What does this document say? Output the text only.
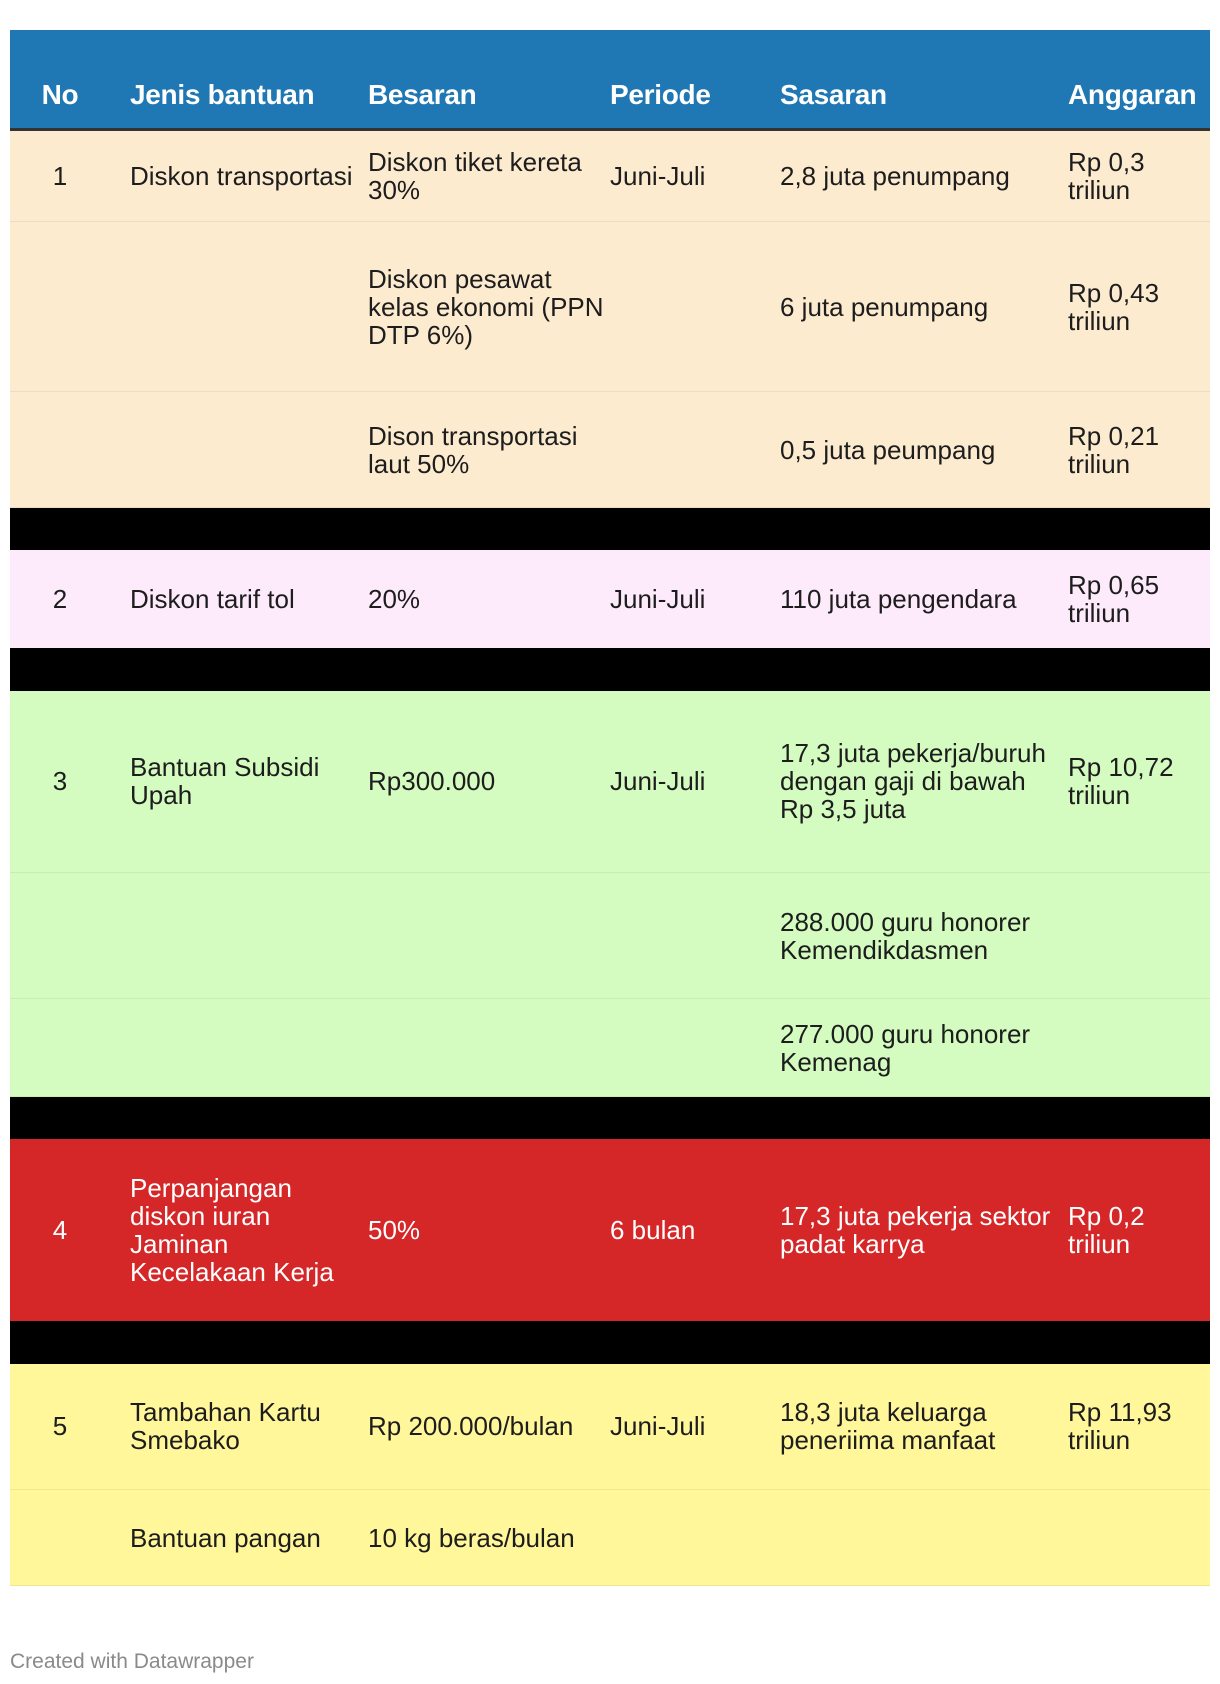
No	Jenis bantuan	Besaran	Periode	Sasaran	Anggaran
1	Diskon transportasi	Diskon tiket kereta 30%	Juni-Juli	2,8 juta penumpang	Rp 0,3 triliun
		Diskon pesawat kelas ekonomi (PPN DTP 6%)		6 juta penumpang	Rp 0,43 triliun
		Dison transportasi laut 50%		0,5 juta peumpang	Rp 0,21 triliun

2	Diskon tarif tol	20%	Juni-Juli	110 juta pengendara	Rp 0,65 triliun

3	Bantuan Subsidi Upah	Rp300.000	Juni-Juli	17,3 juta pekerja/buruh dengan gaji di bawah Rp 3,5 juta	Rp 10,72 triliun
				288.000 guru honorer Kemendikdasmen	
				277.000 guru honorer Kemenag	

4	Perpanjangan diskon iuran Jaminan Kecelakaan Kerja	50%	6 bulan	17,3 juta pekerja sektor padat karrya	Rp 0,2 triliun

5	Tambahan Kartu Smebako	Rp 200.000/bulan	Juni-Juli	18,3 juta keluarga peneriima manfaat	Rp 11,93 triliun
	Bantuan pangan	10 kg beras/bulan			
Created with Datawrapper
